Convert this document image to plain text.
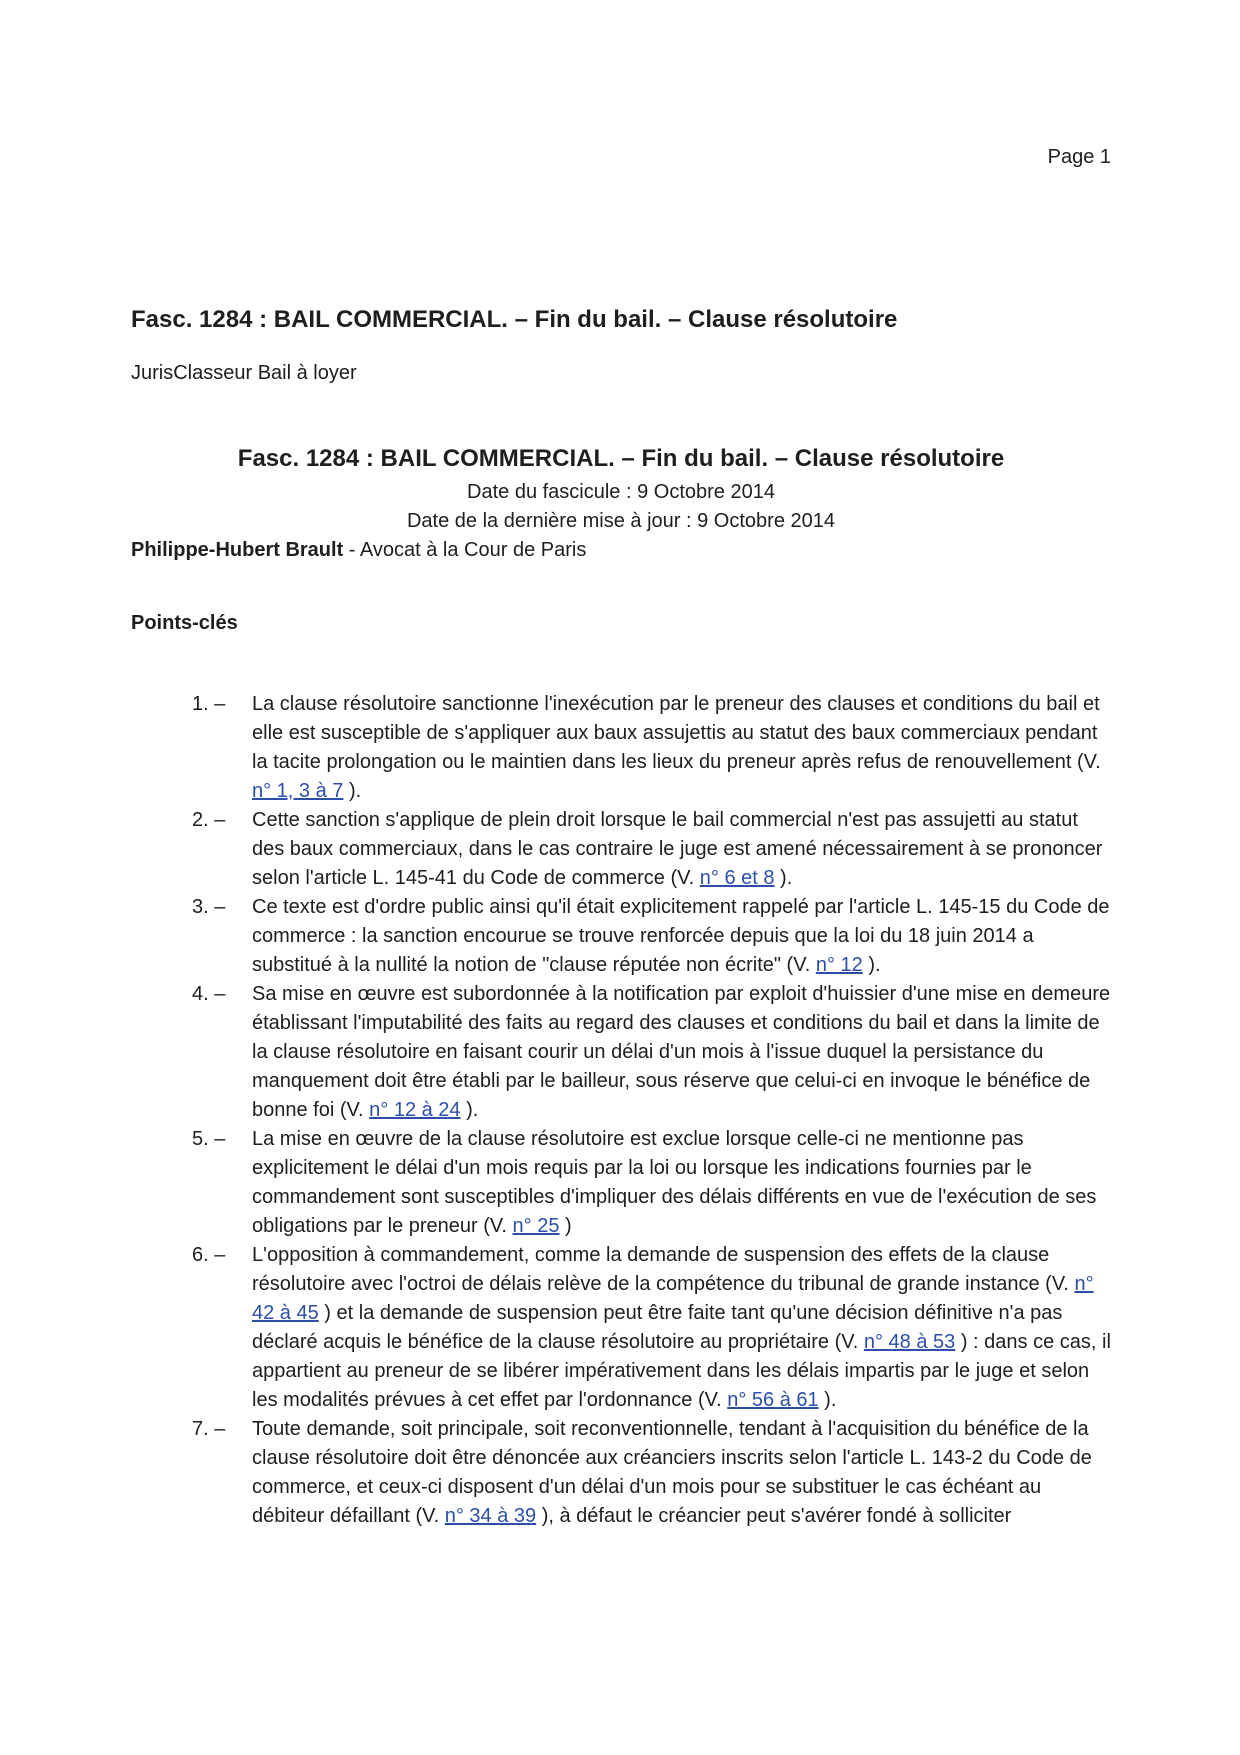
Page 1
Fasc. 1284 : BAIL COMMERCIAL. – Fin du bail. – Clause résolutoire
JurisClasseur Bail à loyer
Fasc. 1284 : BAIL COMMERCIAL. – Fin du bail. – Clause résolutoire
Date du fascicule : 9 Octobre 2014
Date de la dernière mise à jour : 9 Octobre 2014
Philippe-Hubert Brault - Avocat à la Cour de Paris
Points-clés
1. –	La clause résolutoire sanctionne l'inexécution par le preneur des clauses et conditions du bail et elle est susceptible de s'appliquer aux baux assujettis au statut des baux commerciaux pendant la tacite prolongation ou le maintien dans les lieux du preneur après refus de renouvellement (V. n° 1, 3 à 7 ).
2. –	Cette sanction s'applique de plein droit lorsque le bail commercial n'est pas assujetti au statut des baux commerciaux, dans le cas contraire le juge est amené nécessairement à se prononcer selon l'article L. 145-41 du Code de commerce (V. n° 6 et 8 ).
3. –	Ce texte est d'ordre public ainsi qu'il était explicitement rappelé par l'article L. 145-15 du Code de commerce : la sanction encourue se trouve renforcée depuis que la loi du 18 juin 2014 a substitué à la nullité la notion de "clause réputée non écrite" (V. n° 12 ).
4. –	Sa mise en œuvre est subordonnée à la notification par exploit d'huissier d'une mise en demeure établissant l'imputabilité des faits au regard des clauses et conditions du bail et dans la limite de la clause résolutoire en faisant courir un délai d'un mois à l'issue duquel la persistance du manquement doit être établi par le bailleur, sous réserve que celui-ci en invoque le bénéfice de bonne foi (V. n° 12 à 24 ).
5. –	La mise en œuvre de la clause résolutoire est exclue lorsque celle-ci ne mentionne pas explicitement le délai d'un mois requis par la loi ou lorsque les indications fournies par le commandement sont susceptibles d'impliquer des délais différents en vue de l'exécution de ses obligations par le preneur (V. n° 25 )
6. –	L'opposition à commandement, comme la demande de suspension des effets de la clause résolutoire avec l'octroi de délais relève de la compétence du tribunal de grande instance (V. n° 42 à 45 ) et la demande de suspension peut être faite tant qu'une décision définitive n'a pas déclaré acquis le bénéfice de la clause résolutoire au propriétaire (V. n° 48 à 53 ) : dans ce cas, il appartient au preneur de se libérer impérativement dans les délais impartis par le juge et selon les modalités prévues à cet effet par l'ordonnance (V. n° 56 à 61 ).
7. –	Toute demande, soit principale, soit reconventionnelle, tendant à l'acquisition du bénéfice de la clause résolutoire doit être dénoncée aux créanciers inscrits selon l'article L. 143-2 du Code de commerce, et ceux-ci disposent d'un délai d'un mois pour se substituer le cas échéant au débiteur défaillant (V. n° 34 à 39 ), à défaut le créancier peut s'avérer fondé à solliciter
